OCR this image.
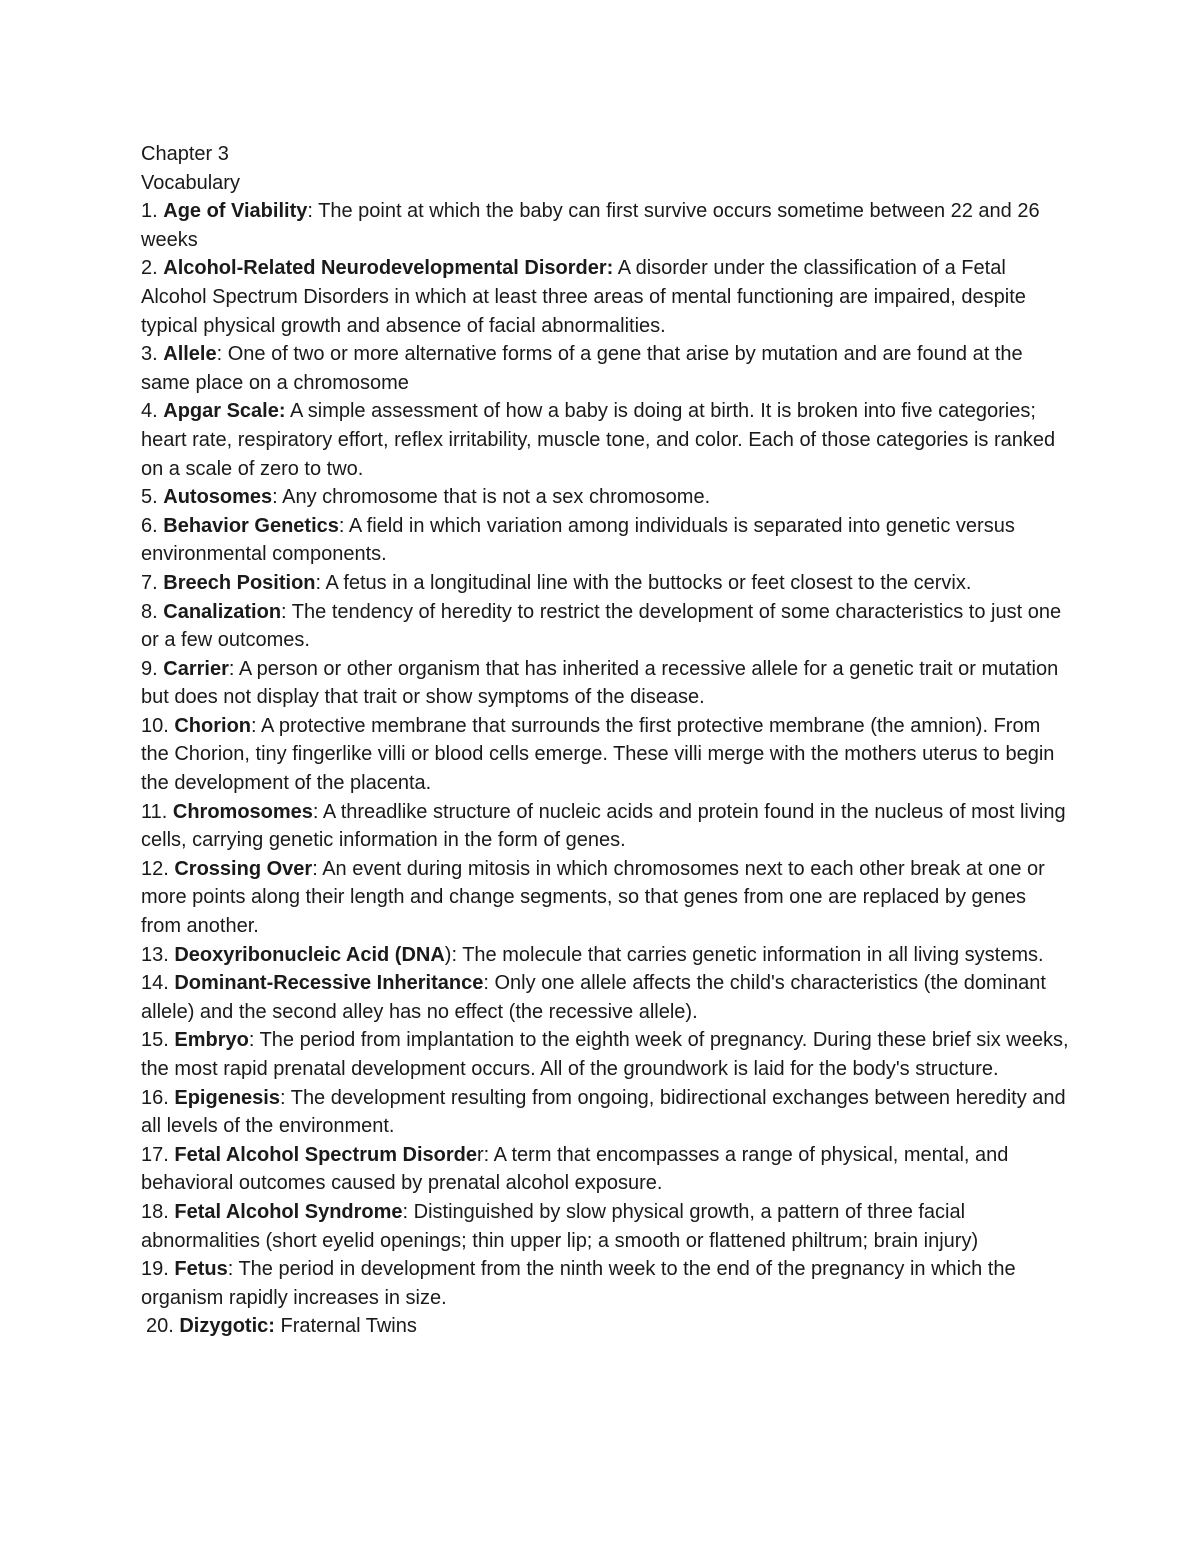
Chapter 3
Vocabulary
1. Age of Viability: The point at which the baby can first survive occurs sometime between 22 and 26 weeks
2. Alcohol-Related Neurodevelopmental Disorder: A disorder under the classification of a Fetal Alcohol Spectrum Disorders in which at least three areas of mental functioning are impaired, despite typical physical growth and absence of facial abnormalities.
3. Allele: One of two or more alternative forms of a gene that arise by mutation and are found at the same place on a chromosome
4. Apgar Scale: A simple assessment of how a baby is doing at birth. It is broken into five categories; heart rate, respiratory effort, reflex irritability, muscle tone, and color. Each of those categories is ranked on a scale of zero to two.
5. Autosomes: Any chromosome that is not a sex chromosome.
6. Behavior Genetics: A field in which variation among individuals is separated into genetic versus environmental components.
7. Breech Position: A fetus in a longitudinal line with the buttocks or feet closest to the cervix.
8. Canalization: The tendency of heredity to restrict the development of some characteristics to just one or a few outcomes.
9. Carrier: A person or other organism that has inherited a recessive allele for a genetic trait or mutation but does not display that trait or show symptoms of the disease.
10. Chorion: A protective membrane that surrounds the first protective membrane (the amnion). From the Chorion, tiny fingerlike villi or blood cells emerge. These villi merge with the mothers uterus to begin the development of the placenta.
11. Chromosomes: A threadlike structure of nucleic acids and protein found in the nucleus of most living cells, carrying genetic information in the form of genes.
12. Crossing Over: An event during mitosis in which chromosomes next to each other break at one or more points along their length and change segments, so that genes from one are replaced by genes from another.
13. Deoxyribonucleic Acid (DNA): The molecule that carries genetic information in all living systems.
14. Dominant-Recessive Inheritance: Only one allele affects the child's characteristics (the dominant allele) and the second alley has no effect (the recessive allele).
15. Embryo: The period from implantation to the eighth week of pregnancy. During these brief six weeks, the most rapid prenatal development occurs. All of the groundwork is laid for the body's structure.
16. Epigenesis: The development resulting from ongoing, bidirectional exchanges between heredity and all levels of the environment.
17. Fetal Alcohol Spectrum Disorder: A term that encompasses a range of physical, mental, and behavioral outcomes caused by prenatal alcohol exposure.
18. Fetal Alcohol Syndrome: Distinguished by slow physical growth, a pattern of three facial abnormalities (short eyelid openings; thin upper lip; a smooth or flattened philtrum; brain injury)
19. Fetus: The period in development from the ninth week to the end of the pregnancy in which the organism rapidly increases in size.
20. Dizygotic: Fraternal Twins
